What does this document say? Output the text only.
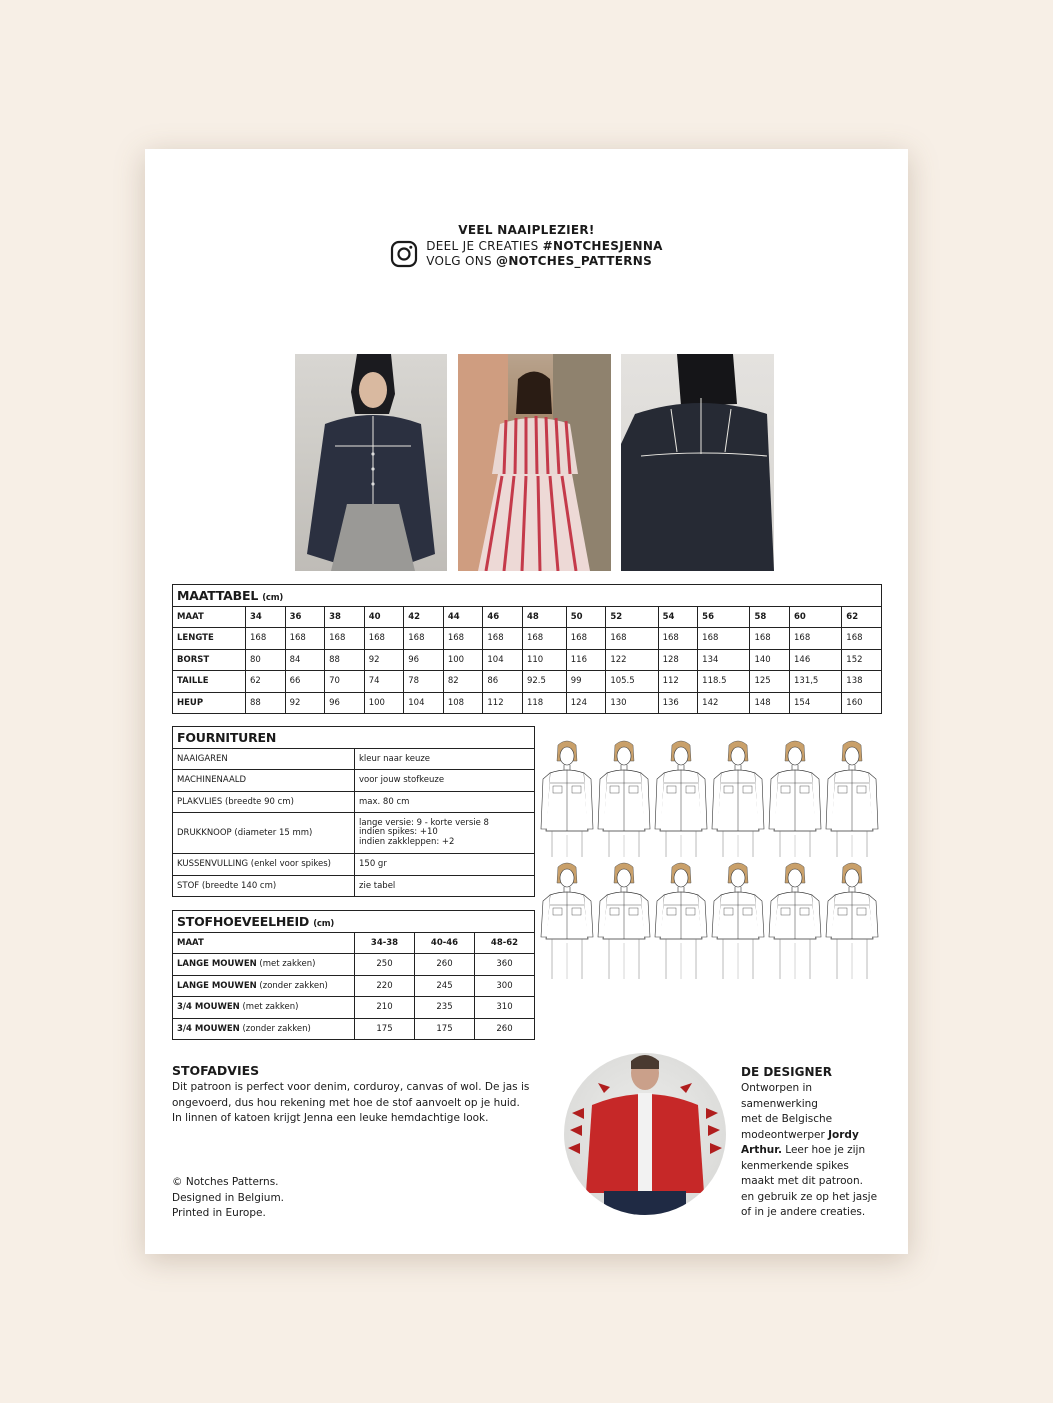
VEEL NAAIPLEZIER!
DEEL JE CREATIES #NOTCHESJENNA
VOLG ONS @NOTCHES_PATTERNS
MAATTABEL (cm)															
MAAT	34	36	38	40	42	44	46	48	50	52	54	56	58	60	62
LENGTE	168	168	168	168	168	168	168	168	168	168	168	168	168	168	168
BORST	80	84	88	92	96	100	104	110	116	122	128	134	140	146	152
TAILLE	62	66	70	74	78	82	86	92.5	99	105.5	112	118.5	125	131,5	138
HEUP	88	92	96	100	104	108	112	118	124	130	136	142	148	154	160
FOURNITUREN	
NAAIGAREN	kleur naar keuze
MACHINENAALD	voor jouw stofkeuze
PLAKVLIES (breedte 90 cm)	max. 80 cm
DRUKKNOOP (diameter 15 mm)	lange versie: 9 - korte versie 8
indien spikes: +10
indien zakkleppen: +2

KUSSENVULLING (enkel voor spikes)	150 gr
STOF (breedte 140 cm)	zie tabel
STOFHOEVEELHEID (cm)			
MAAT	34-38	40-46	48-62
LANGE MOUWEN (met zakken)	250	260	360
LANGE MOUWEN (zonder zakken)	220	245	300
3/4 MOUWEN (met zakken)	210	235	310
3/4 MOUWEN (zonder zakken)	175	175	260
STOFADVIES
Dit patroon is perfect voor denim, corduroy, canvas of wol. De jas is
ongevoerd, dus hou rekening met hoe de stof aanvoelt op je huid.
In linnen of katoen krijgt Jenna een leuke hemdachtige look.
© Notches Patterns.
Designed in Belgium.
Printed in Europe.
DE DESIGNER
Ontworpen in
samenwerking
met de Belgische
modeontwerper Jordy
Arthur. Leer hoe je zijn
kenmerkende spikes
maakt met dit patroon.
en gebruik ze op het jasje
of in je andere creaties.
